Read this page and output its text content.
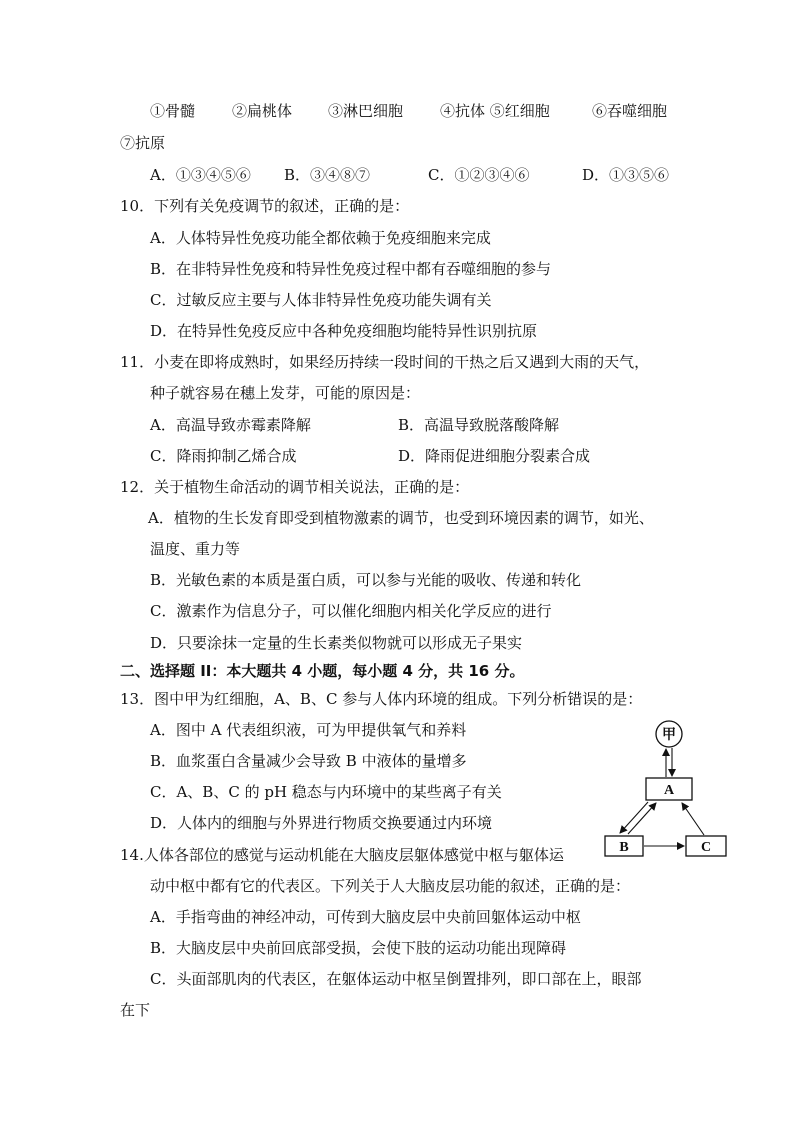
①骨髓 ②扁桃体 ③淋巴细胞 ④抗体 ⑤红细胞	⑥吞噬细胞
⑦抗原
A．①③④⑤⑥ B．③④⑧⑦	C．①②③④⑥	D．①③⑤⑥
10．下列有关免疫调节的叙述，正确的是：
A．人体特异性免疫功能全都依赖于免疫细胞来完成
B．在非特异性免疫和特异性免疫过程中都有吞噬细胞的参与
C．过敏反应主要与人体非特异性免疫功能失调有关
D．在特异性免疫反应中各种免疫细胞均能特异性识别抗原
11．小麦在即将成熟时，如果经历持续一段时间的干热之后又遇到大雨的天气，
种子就容易在穗上发芽，可能的原因是：
A．高温导致赤霉素降解	B．高温导致脱落酸降解
C．降雨抑制乙烯合成	D．降雨促进细胞分裂素合成
12．关于植物生命活动的调节相关说法，正确的是：
A．植物的生长发育即受到植物激素的调节，也受到环境因素的调节，如光、
温度、重力等
B．光敏色素的本质是蛋白质，可以参与光能的吸收、传递和转化
C．激素作为信息分子，可以催化细胞内相关化学反应的进行
D．只要涂抹一定量的生长素类似物就可以形成无子果实
二、选择题 II：本大题共 4 小题，每小题 4 分，共 16 分。
13．图中甲为红细胞，A、B、C 参与人体内环境的组成。下列分析错误的是：
A．图中 A 代表组织液，可为甲提供氧气和养料
B．血浆蛋白含量减少会导致 B 中液体的量增多
C．A、B、C 的 pH 稳态与内环境中的某些离子有关
D．人体内的细胞与外界进行物质交换要通过内环境
甲
A
B	C
14.人体各部位的感觉与运动机能在大脑皮层躯体感觉中枢与躯体运
动中枢中都有它的代表区。下列关于人大脑皮层功能的叙述，正确的是：
A．手指弯曲的神经冲动，可传到大脑皮层中央前回躯体运动中枢
B．大脑皮层中央前回底部受损，会使下肢的运动功能出现障碍
C．头面部肌肉的代表区，在躯体运动中枢呈倒置排列，即口部在上，眼部
在下
